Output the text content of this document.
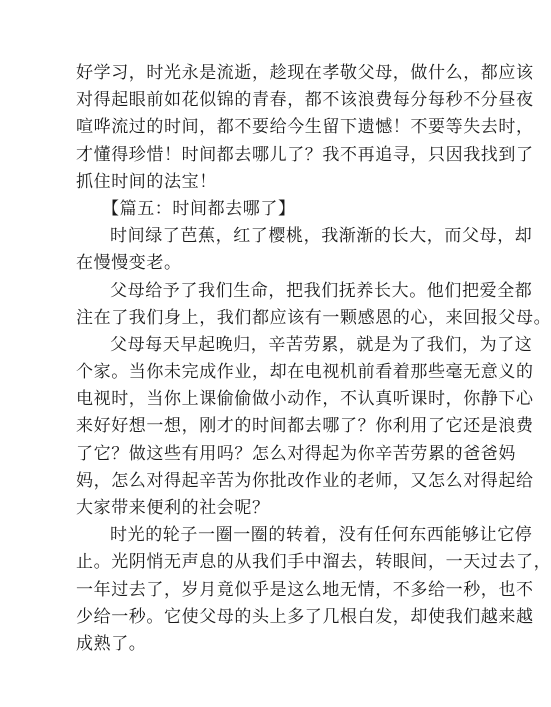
好学习，时光永是流逝，趁现在孝敬父母，做什么，都应该
对得起眼前如花似锦的青春，都不该浪费每分每秒不分昼夜
喧哗流过的时间，都不要给今生留下遗憾！不要等失去时，
才懂得珍惜！时间都去哪儿了？我不再追寻，只因我找到了
抓住时间的法宝！
【篇五：时间都去哪了】
时间绿了芭蕉，红了樱桃，我渐渐的长大，而父母，却
在慢慢变老。
父母给予了我们生命，把我们抚养长大。他们把爱全都
注在了我们身上，我们都应该有一颗感恩的心，来回报父母。
父母每天早起晚归，辛苦劳累，就是为了我们，为了这
个家。当你未完成作业，却在电视机前看着那些毫无意义的
电视时，当你上课偷偷做小动作，不认真听课时，你静下心
来好好想一想，刚才的时间都去哪了？你利用了它还是浪费
了它？做这些有用吗？怎么对得起为你辛苦劳累的爸爸妈
妈，怎么对得起辛苦为你批改作业的老师，又怎么对得起给
大家带来便利的社会呢？
时光的轮子一圈一圈的转着，没有任何东西能够让它停
止。光阴悄无声息的从我们手中溜去，转眼间，一天过去了，
一年过去了，岁月竟似乎是这么地无情，不多给一秒，也不
少给一秒。它使父母的头上多了几根白发，却使我们越来越
成熟了。
